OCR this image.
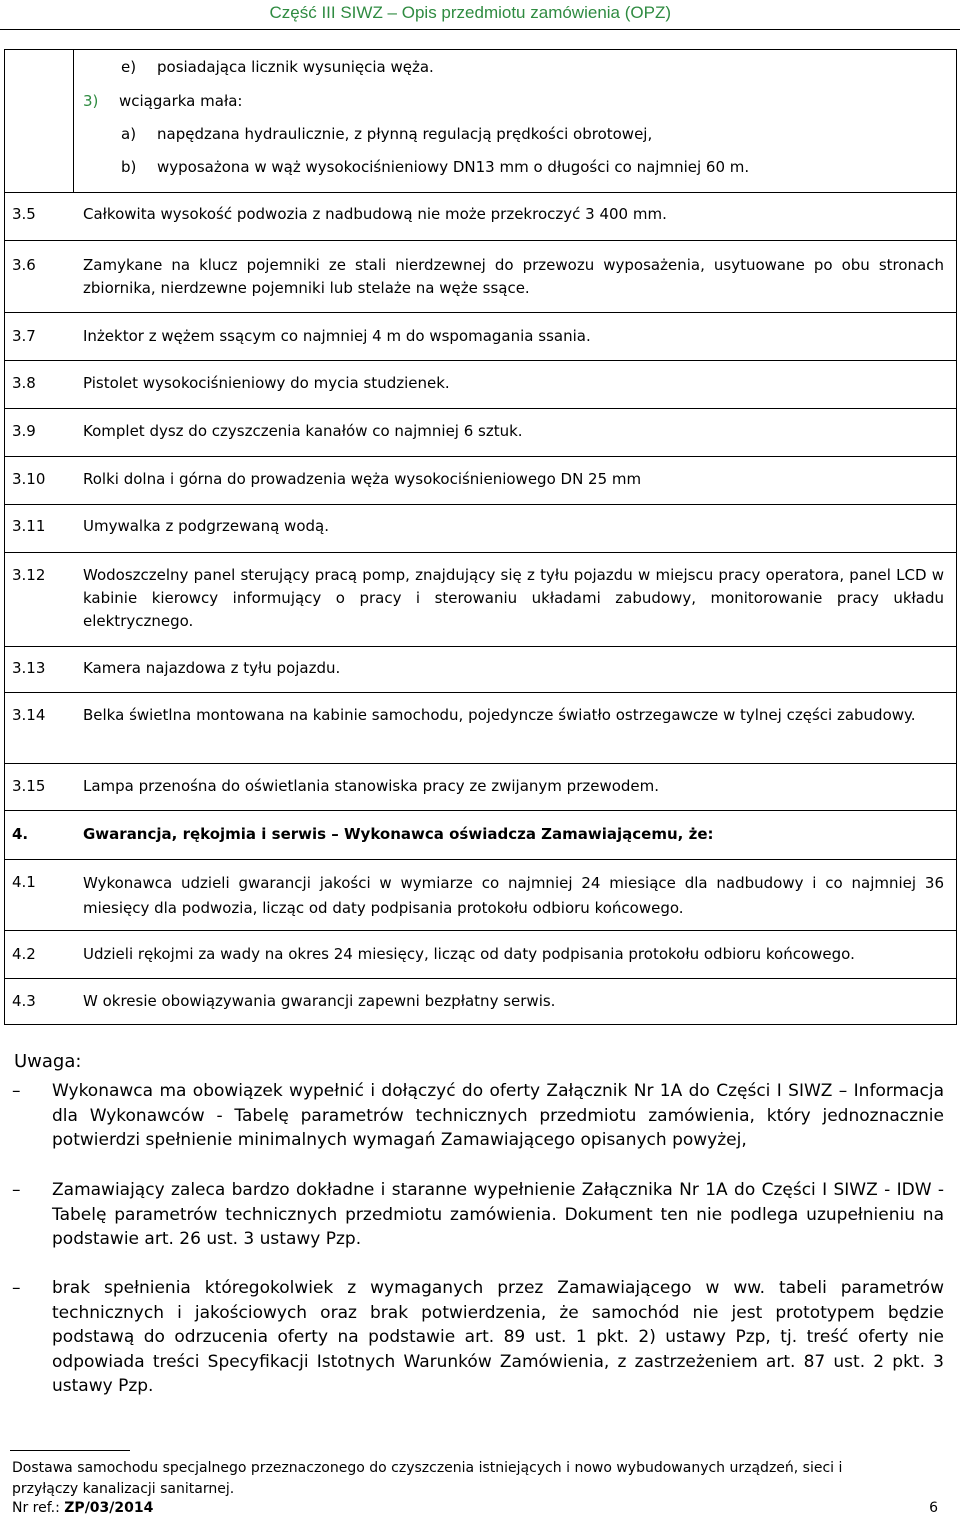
Część III SIWZ – Opis przedmiotu zamówienia (OPZ)
e) posiadająca licznik wysunięcia węża.
3) wciągarka mała:
a) napędzana hydraulicznie, z płynną regulacją prędkości obrotowej,
b) wyposażona w wąż wysokociśnieniowy DN13 mm o długości co najmniej 60 m.
3.5	Całkowita wysokość podwozia z nadbudową nie może przekroczyć 3 400 mm.
3.6	Zamykane na klucz pojemniki ze stali nierdzewnej do przewozu wyposażenia, usytuowane po obu stronach zbiornika, nierdzewne pojemniki lub stelaże na węże ssące.
3.7	Inżektor z wężem ssącym co najmniej 4 m do wspomagania ssania.
3.8	Pistolet wysokociśnieniowy do mycia studzienek.
3.9	Komplet dysz do czyszczenia kanałów co najmniej 6 sztuk.
3.10	Rolki dolna i górna do prowadzenia węża wysokociśnieniowego DN 25 mm
3.11	Umywalka z podgrzewaną wodą.
3.12	Wodoszczelny panel sterujący pracą pomp, znajdujący się z tyłu pojazdu w miejscu pracy operatora, panel LCD w kabinie kierowcy informujący o pracy i sterowaniu układami zabudowy, monitorowanie pracy układu elektrycznego.
3.13	Kamera najazdowa z tyłu pojazdu.
3.14	Belka świetlna montowana na kabinie samochodu, pojedyncze światło ostrzegawcze w tylnej części zabudowy.
3.15	Lampa przenośna do oświetlania stanowiska pracy ze zwijanym przewodem.
4.	Gwarancja, rękojmia i serwis – Wykonawca oświadcza Zamawiającemu, że:
4.1	Wykonawca udzieli gwarancji jakości w wymiarze co najmniej 24 miesiące dla nadbudowy i co najmniej 36 miesięcy dla podwozia, licząc od daty podpisania protokołu odbioru końcowego.
4.2	Udzieli rękojmi za wady na okres 24 miesięcy, licząc od daty podpisania protokołu odbioru końcowego.
4.3	W okresie obowiązywania gwarancji zapewni bezpłatny serwis.
Uwaga:
– Wykonawca ma obowiązek wypełnić i dołączyć do oferty Załącznik Nr 1A do Części I SIWZ – Informacja dla Wykonawców - Tabelę parametrów technicznych przedmiotu zamówienia, który jednoznacznie potwierdzi spełnienie minimalnych wymagań Zamawiającego opisanych powyżej,
– Zamawiający zaleca bardzo dokładne i staranne wypełnienie Załącznika Nr 1A do Części I SIWZ - IDW - Tabelę parametrów technicznych przedmiotu zamówienia. Dokument ten nie podlega uzupełnieniu na podstawie art. 26 ust. 3 ustawy Pzp.
– brak spełnienia któregokolwiek z wymaganych przez Zamawiającego w ww. tabeli parametrów technicznych i jakościowych oraz brak potwierdzenia, że samochód nie jest prototypem będzie podstawą do odrzucenia oferty na podstawie art. 89 ust. 1 pkt. 2) ustawy Pzp, tj. treść oferty nie odpowiada treści Specyfikacji Istotnych Warunków Zamówienia, z zastrzeżeniem art. 87 ust. 2 pkt. 3 ustawy Pzp.
Dostawa samochodu specjalnego przeznaczonego do czyszczenia istniejących i nowo wybudowanych urządzeń, sieci i przyłączy kanalizacji sanitarnej.
Nr ref.: ZP/03/2014	6
